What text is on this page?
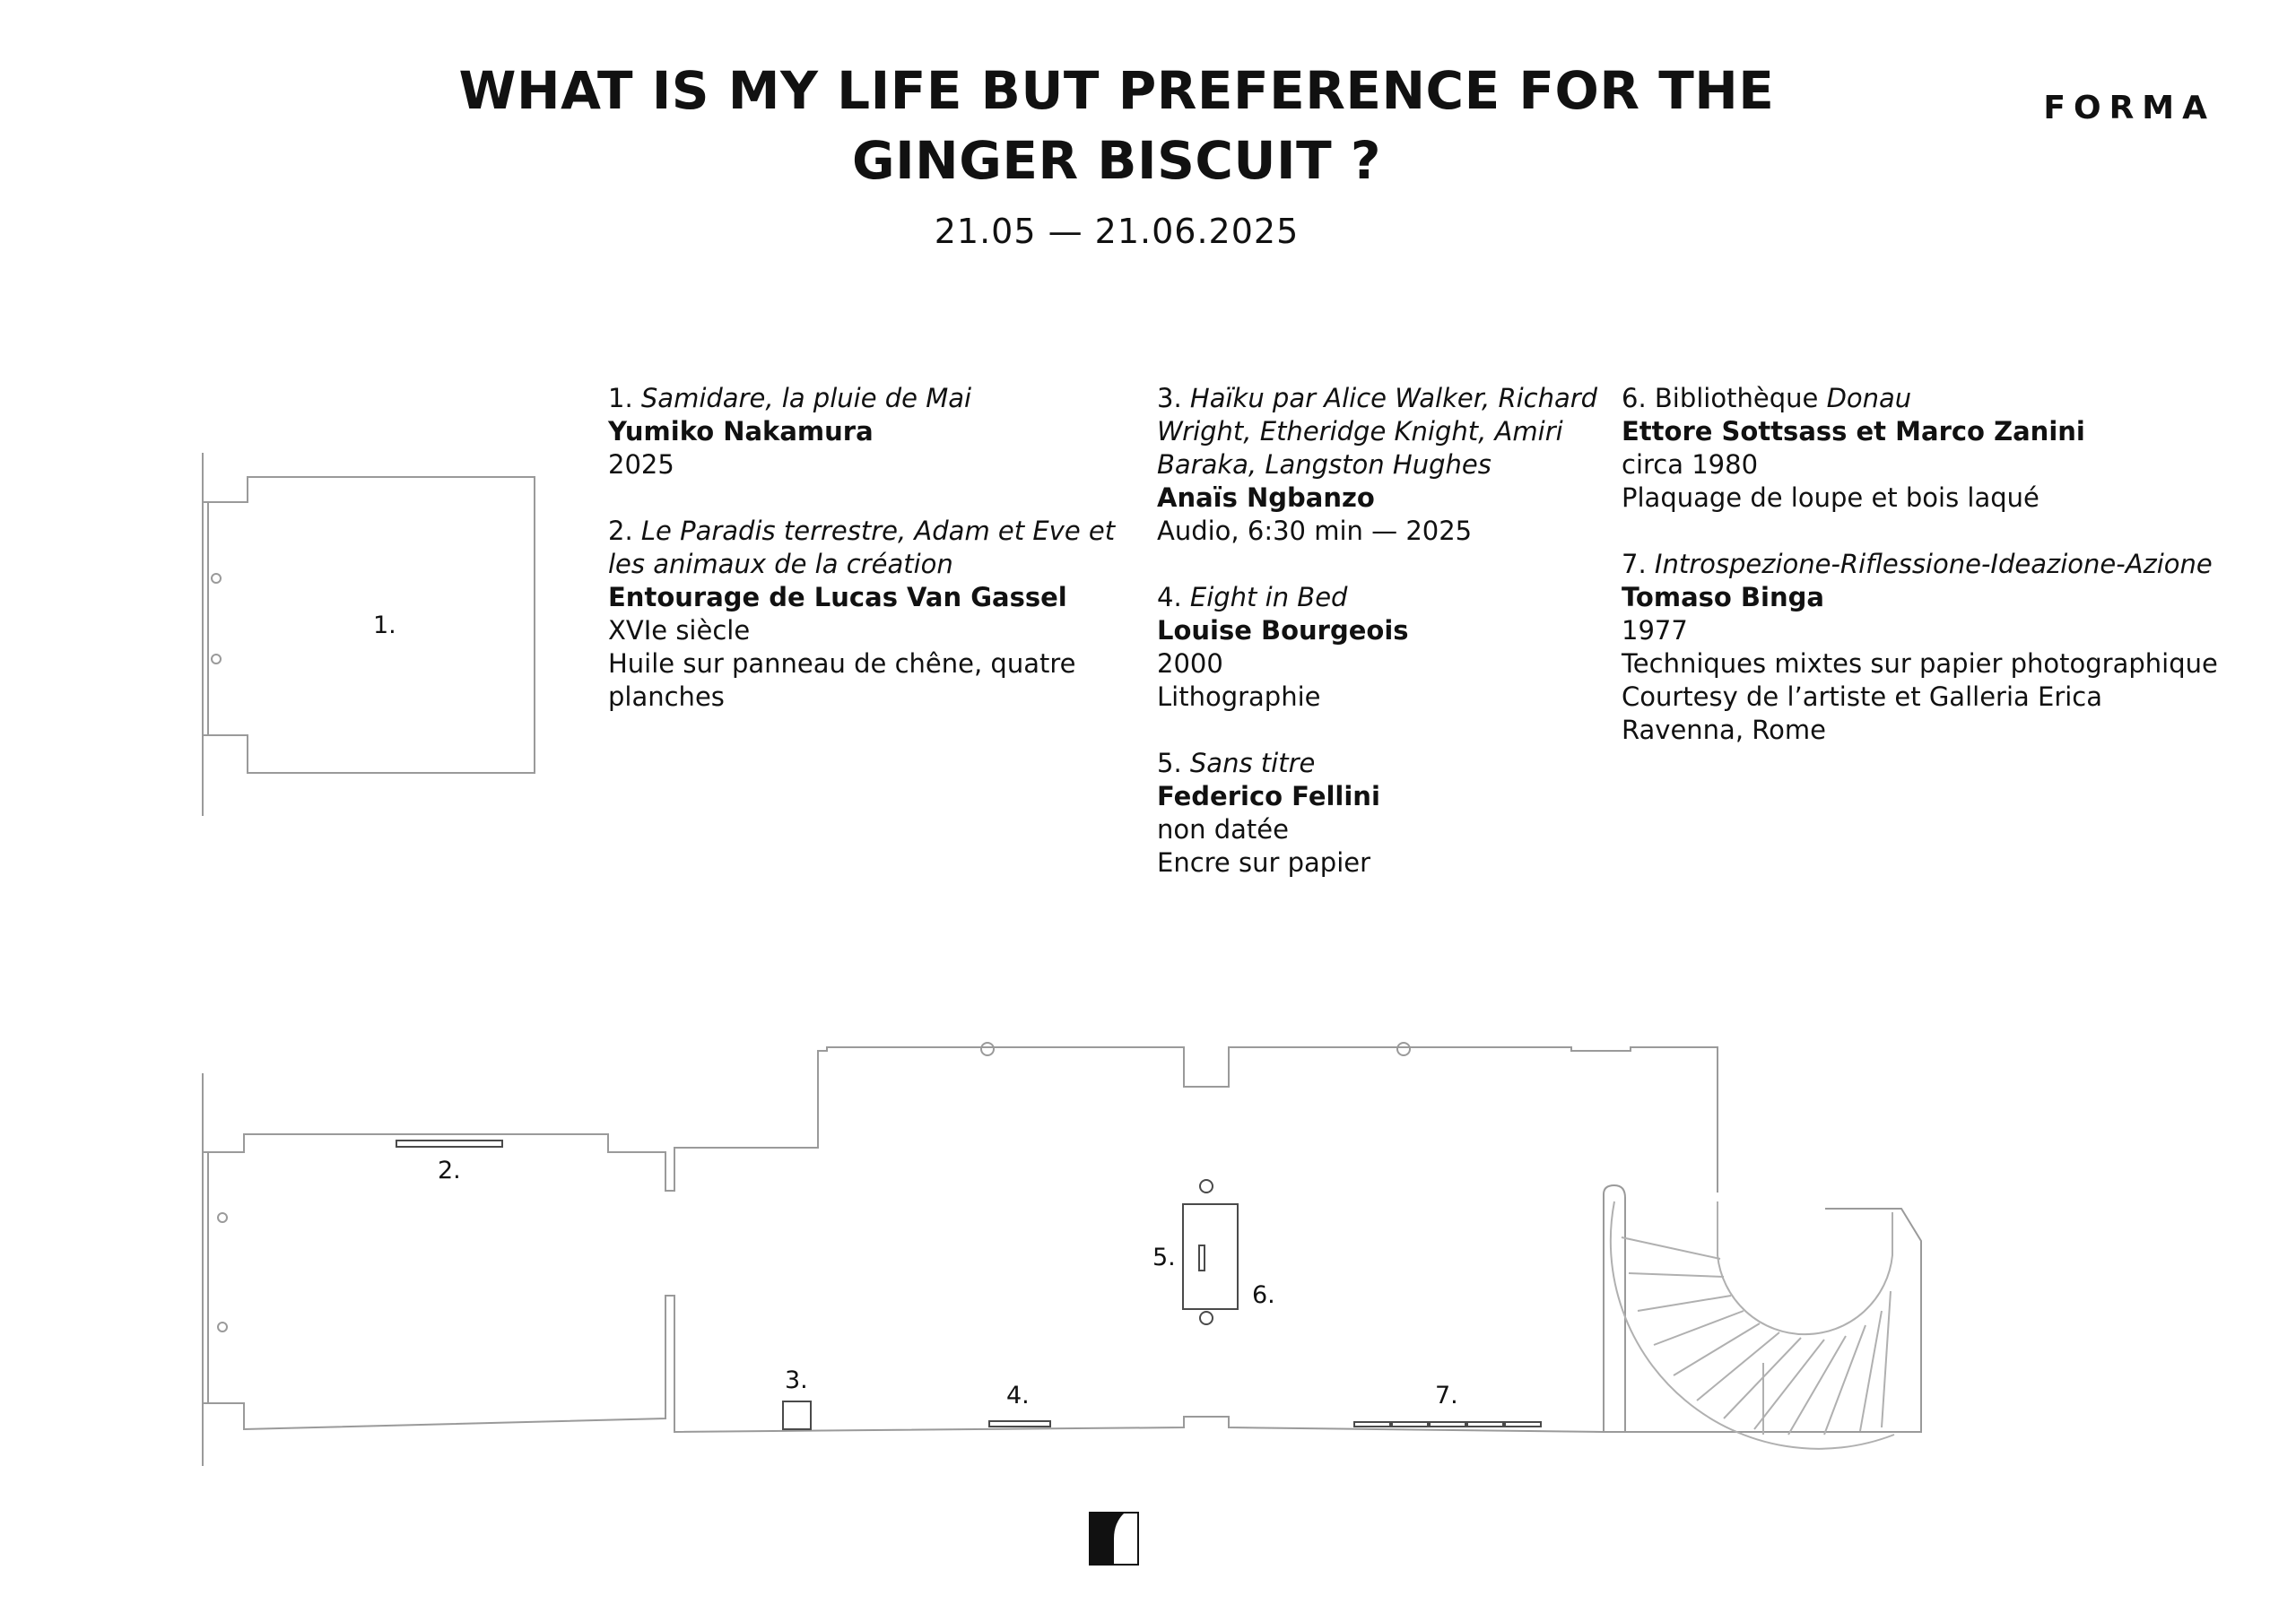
WHAT IS MY LIFE BUT PREFERENCE FOR THE
GINGER BISCUIT ?
21.05 — 21.06.2025
FORMA
1. Samidare, la pluie de Mai
Yumiko Nakamura
2025
2. Le Paradis terrestre, Adam et Eve et les animaux de la création
Entourage de Lucas Van Gassel
XVIe siècle
Huile sur panneau de chêne, quatre planches
3. Haïku par Alice Walker, Richard Wright, Etheridge Knight, Amiri Baraka, Langston Hughes
Anaïs Ngbanzo
Audio, 6:30 min — 2025
4. Eight in Bed
Louise Bourgeois
2000
Lithographie
5. Sans titre
Federico Fellini
non datée
Encre sur papier
6. Bibliothèque Donau
Ettore Sottsass et Marco Zanini
circa 1980
Plaquage de loupe et bois laqué
7. Introspezione-Riflessione-Ideazione-Azione
Tomaso Binga
1977
Techniques mixtes sur papier photographique
Courtesy de l’artiste et Galleria Erica
Ravenna, Rome
1.
2.
3.
4.
5.
6.
7.
